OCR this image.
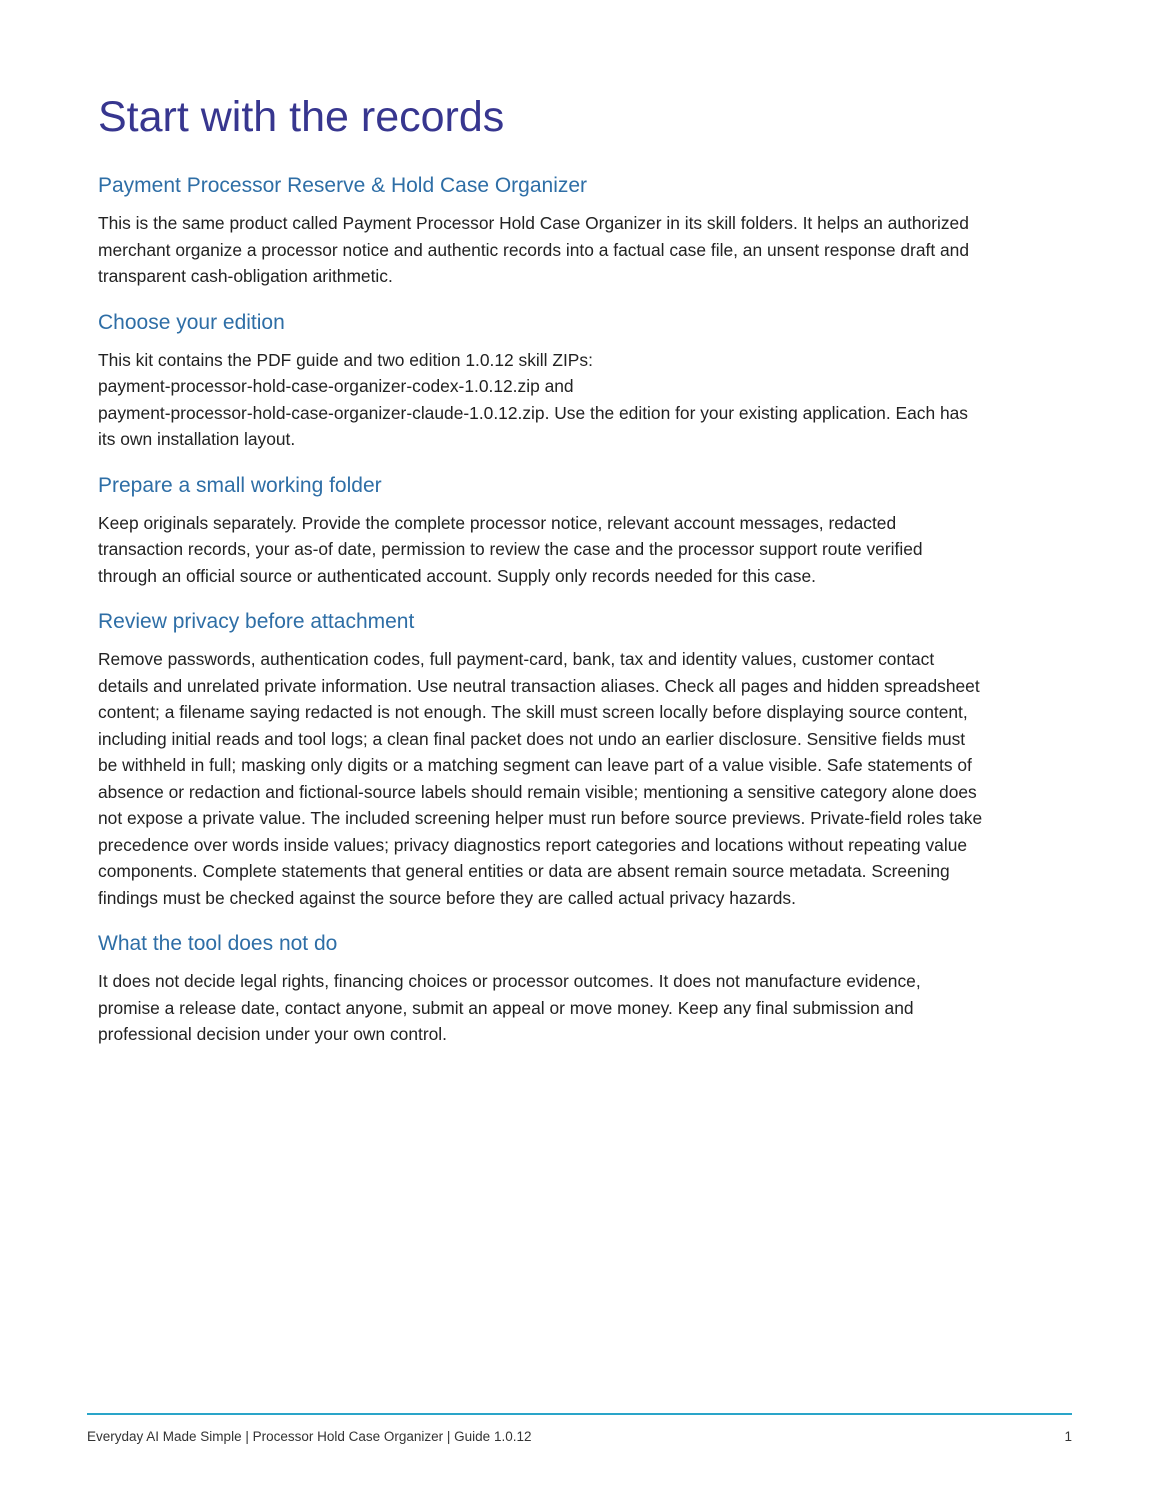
Start with the records
Payment Processor Reserve & Hold Case Organizer

This is the same product called Payment Processor Hold Case Organizer in its skill folders. It helps an authorized
merchant organize a processor notice and authentic records into a factual case file, an unsent response draft and
transparent cash-obligation arithmetic.

Choose your edition

This kit contains the PDF guide and two edition 1.0.12 skill ZIPs:
payment-processor-hold-case-organizer-codex-1.0.12.zip and
payment-processor-hold-case-organizer-claude-1.0.12.zip. Use the edition for your existing application. Each has
its own installation layout.

Prepare a small working folder

Keep originals separately. Provide the complete processor notice, relevant account messages, redacted
transaction records, your as-of date, permission to review the case and the processor support route verified
through an official source or authenticated account. Supply only records needed for this case.

Review privacy before attachment

Remove passwords, authentication codes, full payment-card, bank, tax and identity values, customer contact
details and unrelated private information. Use neutral transaction aliases. Check all pages and hidden spreadsheet
content; a filename saying redacted is not enough. The skill must screen locally before displaying source content,
including initial reads and tool logs; a clean final packet does not undo an earlier disclosure. Sensitive fields must
be withheld in full; masking only digits or a matching segment can leave part of a value visible. Safe statements of
absence or redaction and fictional-source labels should remain visible; mentioning a sensitive category alone does
not expose a private value. The included screening helper must run before source previews. Private-field roles take
precedence over words inside values; privacy diagnostics report categories and locations without repeating value
components. Complete statements that general entities or data are absent remain source metadata. Screening
findings must be checked against the source before they are called actual privacy hazards.

What the tool does not do

It does not decide legal rights, financing choices or processor outcomes. It does not manufacture evidence,
promise a release date, contact anyone, submit an appeal or move money. Keep any final submission and
professional decision under your own control.

Everyday AI Made Simple | Processor Hold Case Organizer | Guide 1.0.12	1
